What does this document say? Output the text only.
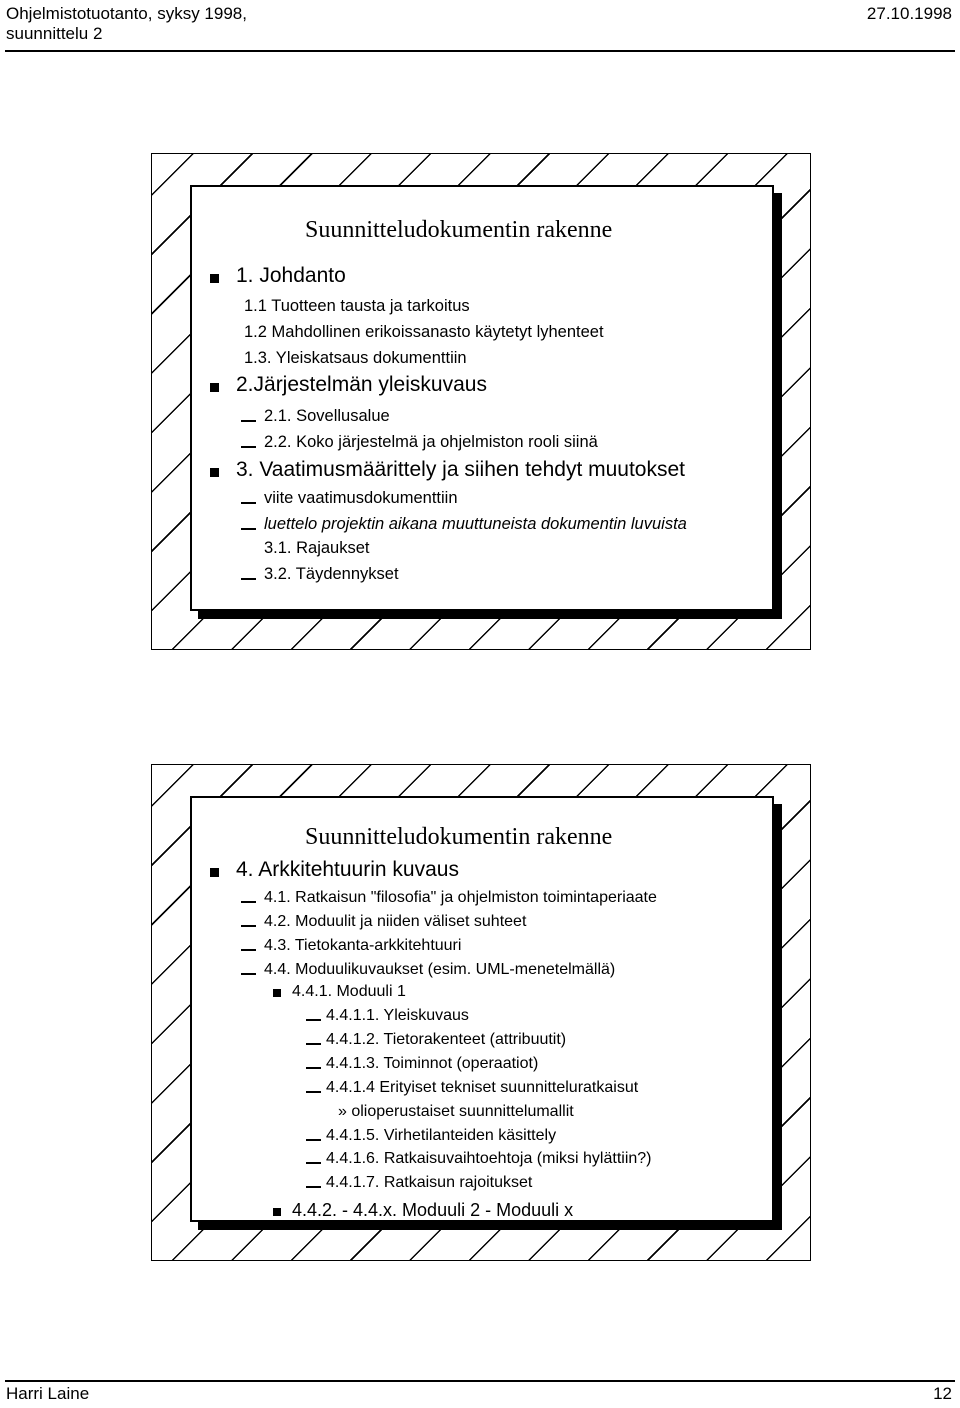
Ohjelmistotuotanto, syksy 1998,
suunnittelu 2
27.10.1998
Suunnitteludokumentin rakenne
1. Johdanto
1.1 Tuotteen tausta ja tarkoitus
1.2 Mahdollinen erikoissanasto käytetyt lyhenteet
1.3. Yleiskatsaus dokumenttiin
2.Järjestelmän yleiskuvaus
2.1. Sovellusalue
2.2. Koko järjestelmä ja ohjelmiston rooli siinä
3. Vaatimusmäärittely ja siihen tehdyt muutokset
viite vaatimusdokumenttiin
luettelo projektin aikana muuttuneista dokumentin luvuista
3.1. Rajaukset
3.2. Täydennykset
Suunnitteludokumentin rakenne
4. Arkkitehtuurin kuvaus
4.1. Ratkaisun "filosofia" ja ohjelmiston toimintaperiaate
4.2. Moduulit ja niiden väliset suhteet
4.3. Tietokanta-arkkitehtuuri
4.4. Moduulikuvaukset (esim. UML-menetelmällä)
4.4.1. Moduuli 1
4.4.1.1. Yleiskuvaus
4.4.1.2. Tietorakenteet (attribuutit)
4.4.1.3. Toiminnot (operaatiot)
4.4.1.4 Erityiset tekniset suunnitteluratkaisut
» olioperustaiset suunnittelumallit
4.4.1.5. Virhetilanteiden käsittely
4.4.1.6. Ratkaisuvaihtoehtoja (miksi hylättiin?)
4.4.1.7. Ratkaisun rajoitukset
4.4.2. - 4.4.x. Moduuli 2 - Moduuli x
Harri Laine	12
